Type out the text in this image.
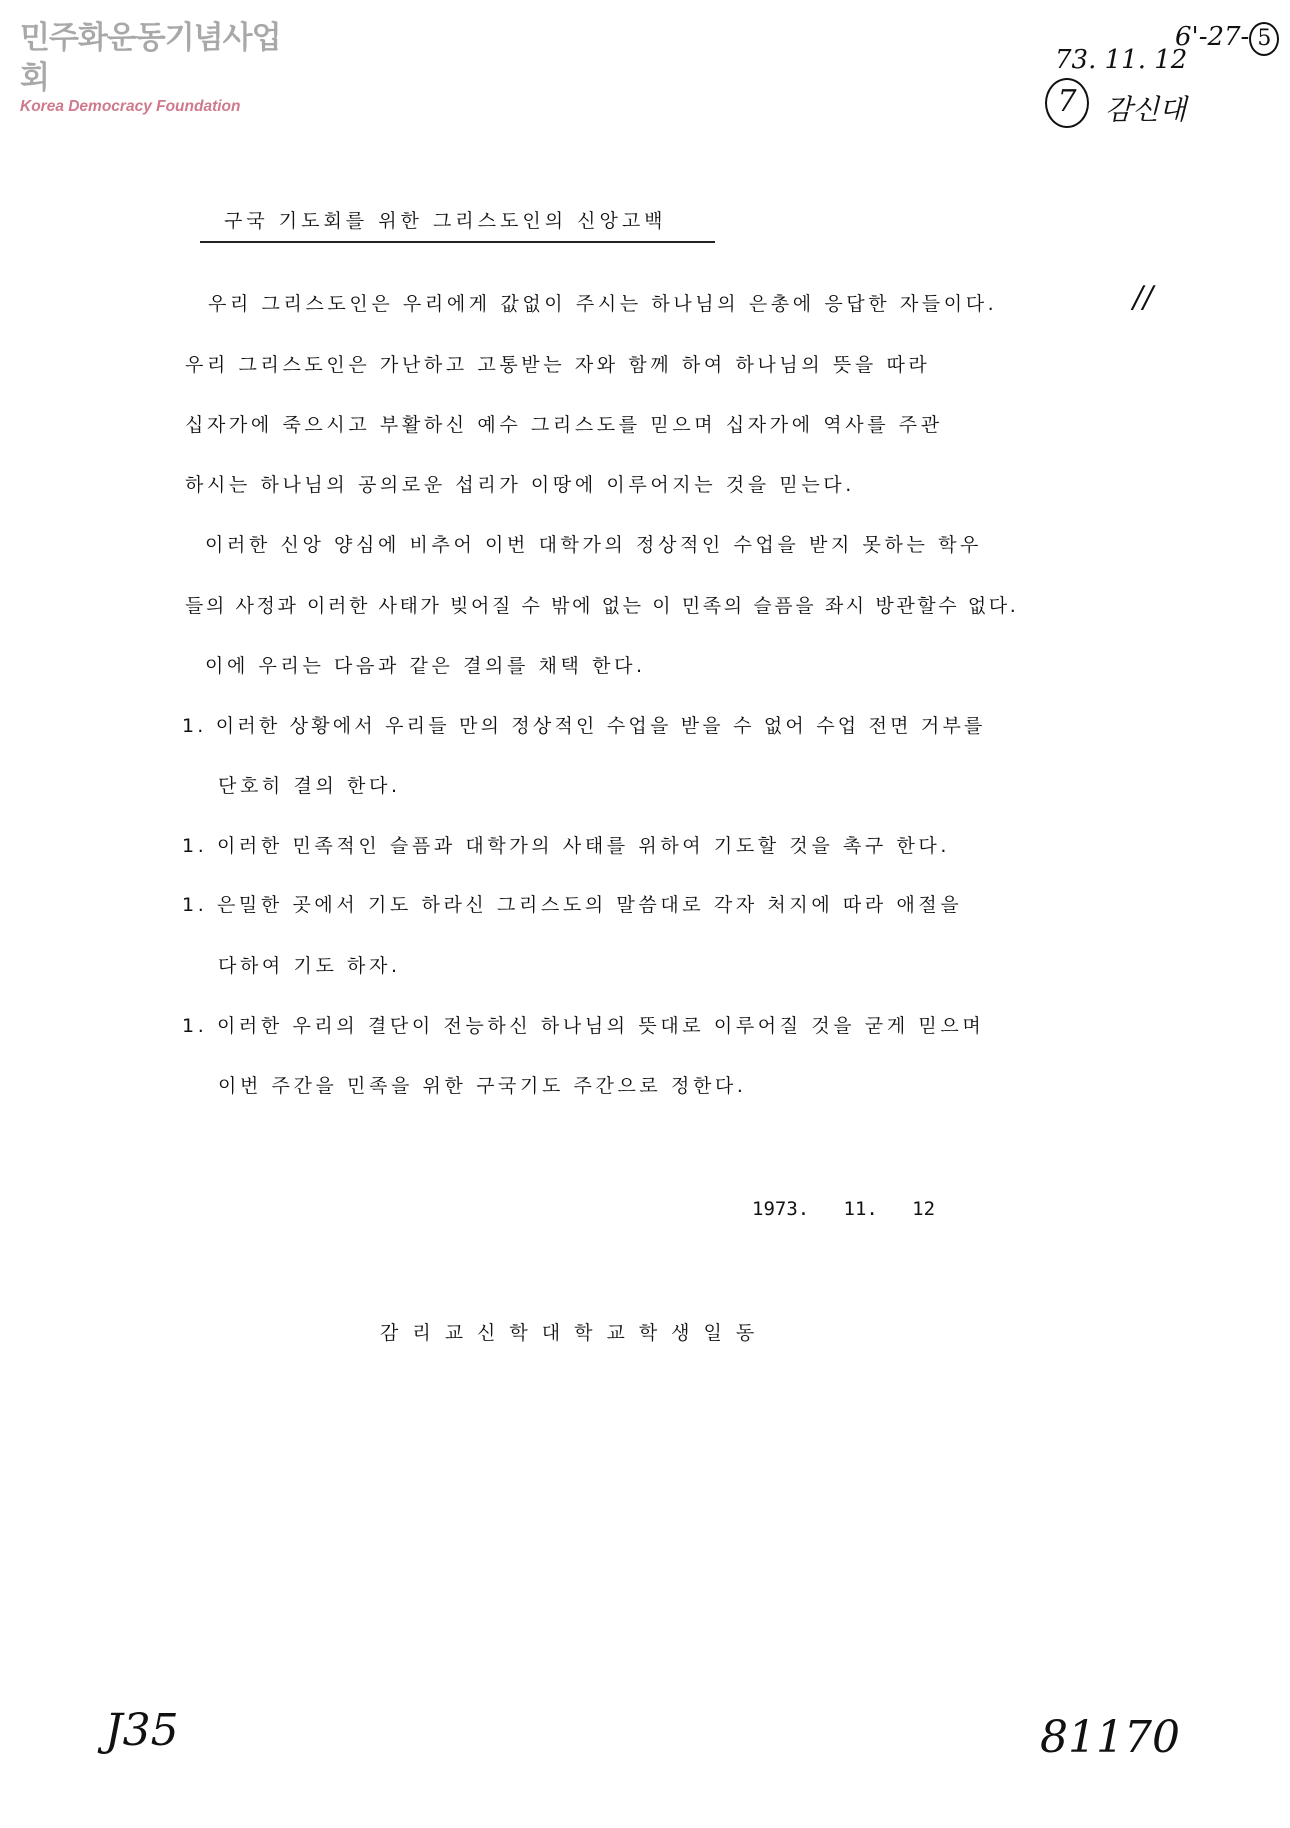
민주화운동기념사업회
Korea Democracy Foundation
6'-27- 5
73. 11. 12
7	감신대
//
구국 기도회를 위한 그리스도인의 신앙고백
우리 그리스도인은 우리에게 값없이 주시는 하나님의 은총에 응답한 자들이다.
우리 그리스도인은 가난하고 고통받는 자와 함께 하여 하나님의 뜻을 따라
십자가에 죽으시고 부활하신 예수 그리스도를 믿으며 십자가에 역사를 주관
하시는 하나님의 공의로운 섭리가 이땅에 이루어지는 것을 믿는다.
이러한 신앙 양심에 비추어 이번 대학가의 정상적인 수업을 받지 못하는 학우
들의 사정과 이러한 사태가 빚어질 수 밖에 없는 이 민족의 슬픔을 좌시 방관할수 없다.
이에 우리는 다음과 같은 결의를 채택 한다.
1. 이러한 상황에서 우리들 만의 정상적인 수업을 받을 수 없어 수업 전면 거부를
단호히 결의 한다.
1. 이러한 민족적인 슬픔과 대학가의 사태를 위하여 기도할 것을 촉구 한다.
1. 은밀한 곳에서 기도 하라신 그리스도의 말씀대로 각자 처지에 따라 애절을
다하여 기도 하자.
1. 이러한 우리의 결단이 전능하신 하나님의 뜻대로 이루어질 것을 굳게 믿으며
이번 주간을 민족을 위한 구국기도 주간으로 정한다.
1973.   11.   12
감리교신학대학교학생일동
J35	81170
